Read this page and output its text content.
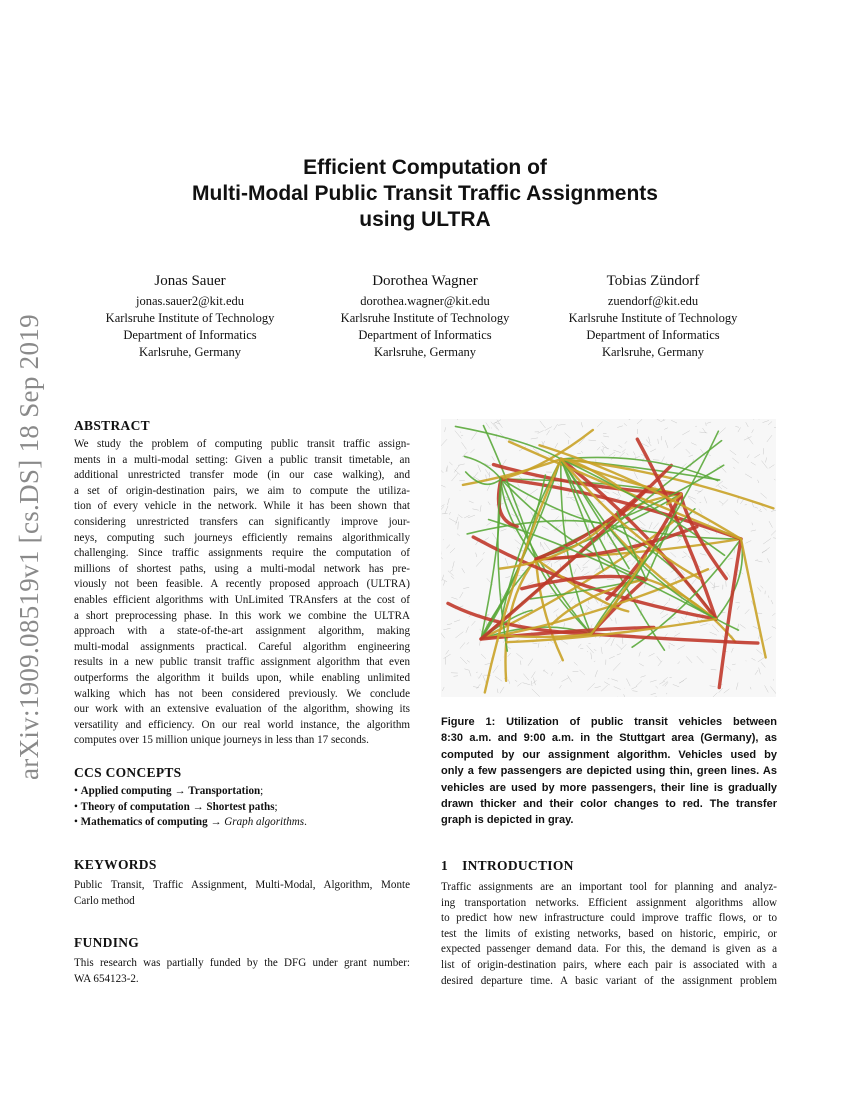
arXiv:1909.08519v1 [cs.DS] 18 Sep 2019
Efficient Computation of
Multi-Modal Public Transit Traffic Assignments
using ULTRA
Jonas Sauer
jonas.sauer2@kit.edu
Karlsruhe Institute of Technology
Department of Informatics
Karlsruhe, Germany
Dorothea Wagner
dorothea.wagner@kit.edu
Karlsruhe Institute of Technology
Department of Informatics
Karlsruhe, Germany
Tobias Zündorf
zuendorf@kit.edu
Karlsruhe Institute of Technology
Department of Informatics
Karlsruhe, Germany
ABSTRACT
We study the problem of computing public transit traffic assign-
ments in a multi-modal setting: Given a public transit timetable, an
additional unrestricted transfer mode (in our case walking), and
a set of origin-destination pairs, we aim to compute the utiliza-
tion of every vehicle in the network. While it has been shown that
considering unrestricted transfers can significantly improve jour-
neys, computing such journeys efficiently remains algorithmically
challenging. Since traffic assignments require the computation of
millions of shortest paths, using a multi-modal network has pre-
viously not been feasible. A recently proposed approach (ULTRA)
enables efficient algorithms with UnLimited TRAnsfers at the cost of
a short preprocessing phase. In this work we combine the ULTRA
approach with a state-of-the-art assignment algorithm, making
multi-modal assignments practical. Careful algorithm engineering
results in a new public transit traffic assignment algorithm that even
outperforms the algorithm it builds upon, while enabling unlimited
walking which has not been considered previously. We conclude
our work with an extensive evaluation of the algorithm, showing its
versatility and efficiency. On our real world instance, the algorithm
computes over 15 million unique journeys in less than 17 seconds.
CCS CONCEPTS
• Applied computing → Transportation;
• Theory of computation → Shortest paths;
• Mathematics of computing → Graph algorithms.
KEYWORDS
Public Transit, Traffic Assignment, Multi-Modal, Algorithm, Monte
Carlo method
FUNDING
This research was partially funded by the DFG under grant number:
WA 654123-2.
Figure 1: Utilization of public transit vehicles between
8:30 a.m. and 9:00 a.m. in the Stuttgart area (Germany), as
computed by our assignment algorithm. Vehicles used by
only a few passengers are depicted using thin, green lines. As
vehicles are used by more passengers, their line is gradually
drawn thicker and their color changes to red. The transfer
graph is depicted in gray.
1 INTRODUCTION
Traffic assignments are an important tool for planning and analyz-
ing transportation networks. Efficient assignment algorithms allow
to predict how new infrastructure could improve traffic flows, or to
test the limits of existing networks, based on historic, empiric, or
expected passenger demand data. For this, the demand is given as a
list of origin-destination pairs, where each pair is associated with a
desired departure time. A basic variant of the assignment problem
